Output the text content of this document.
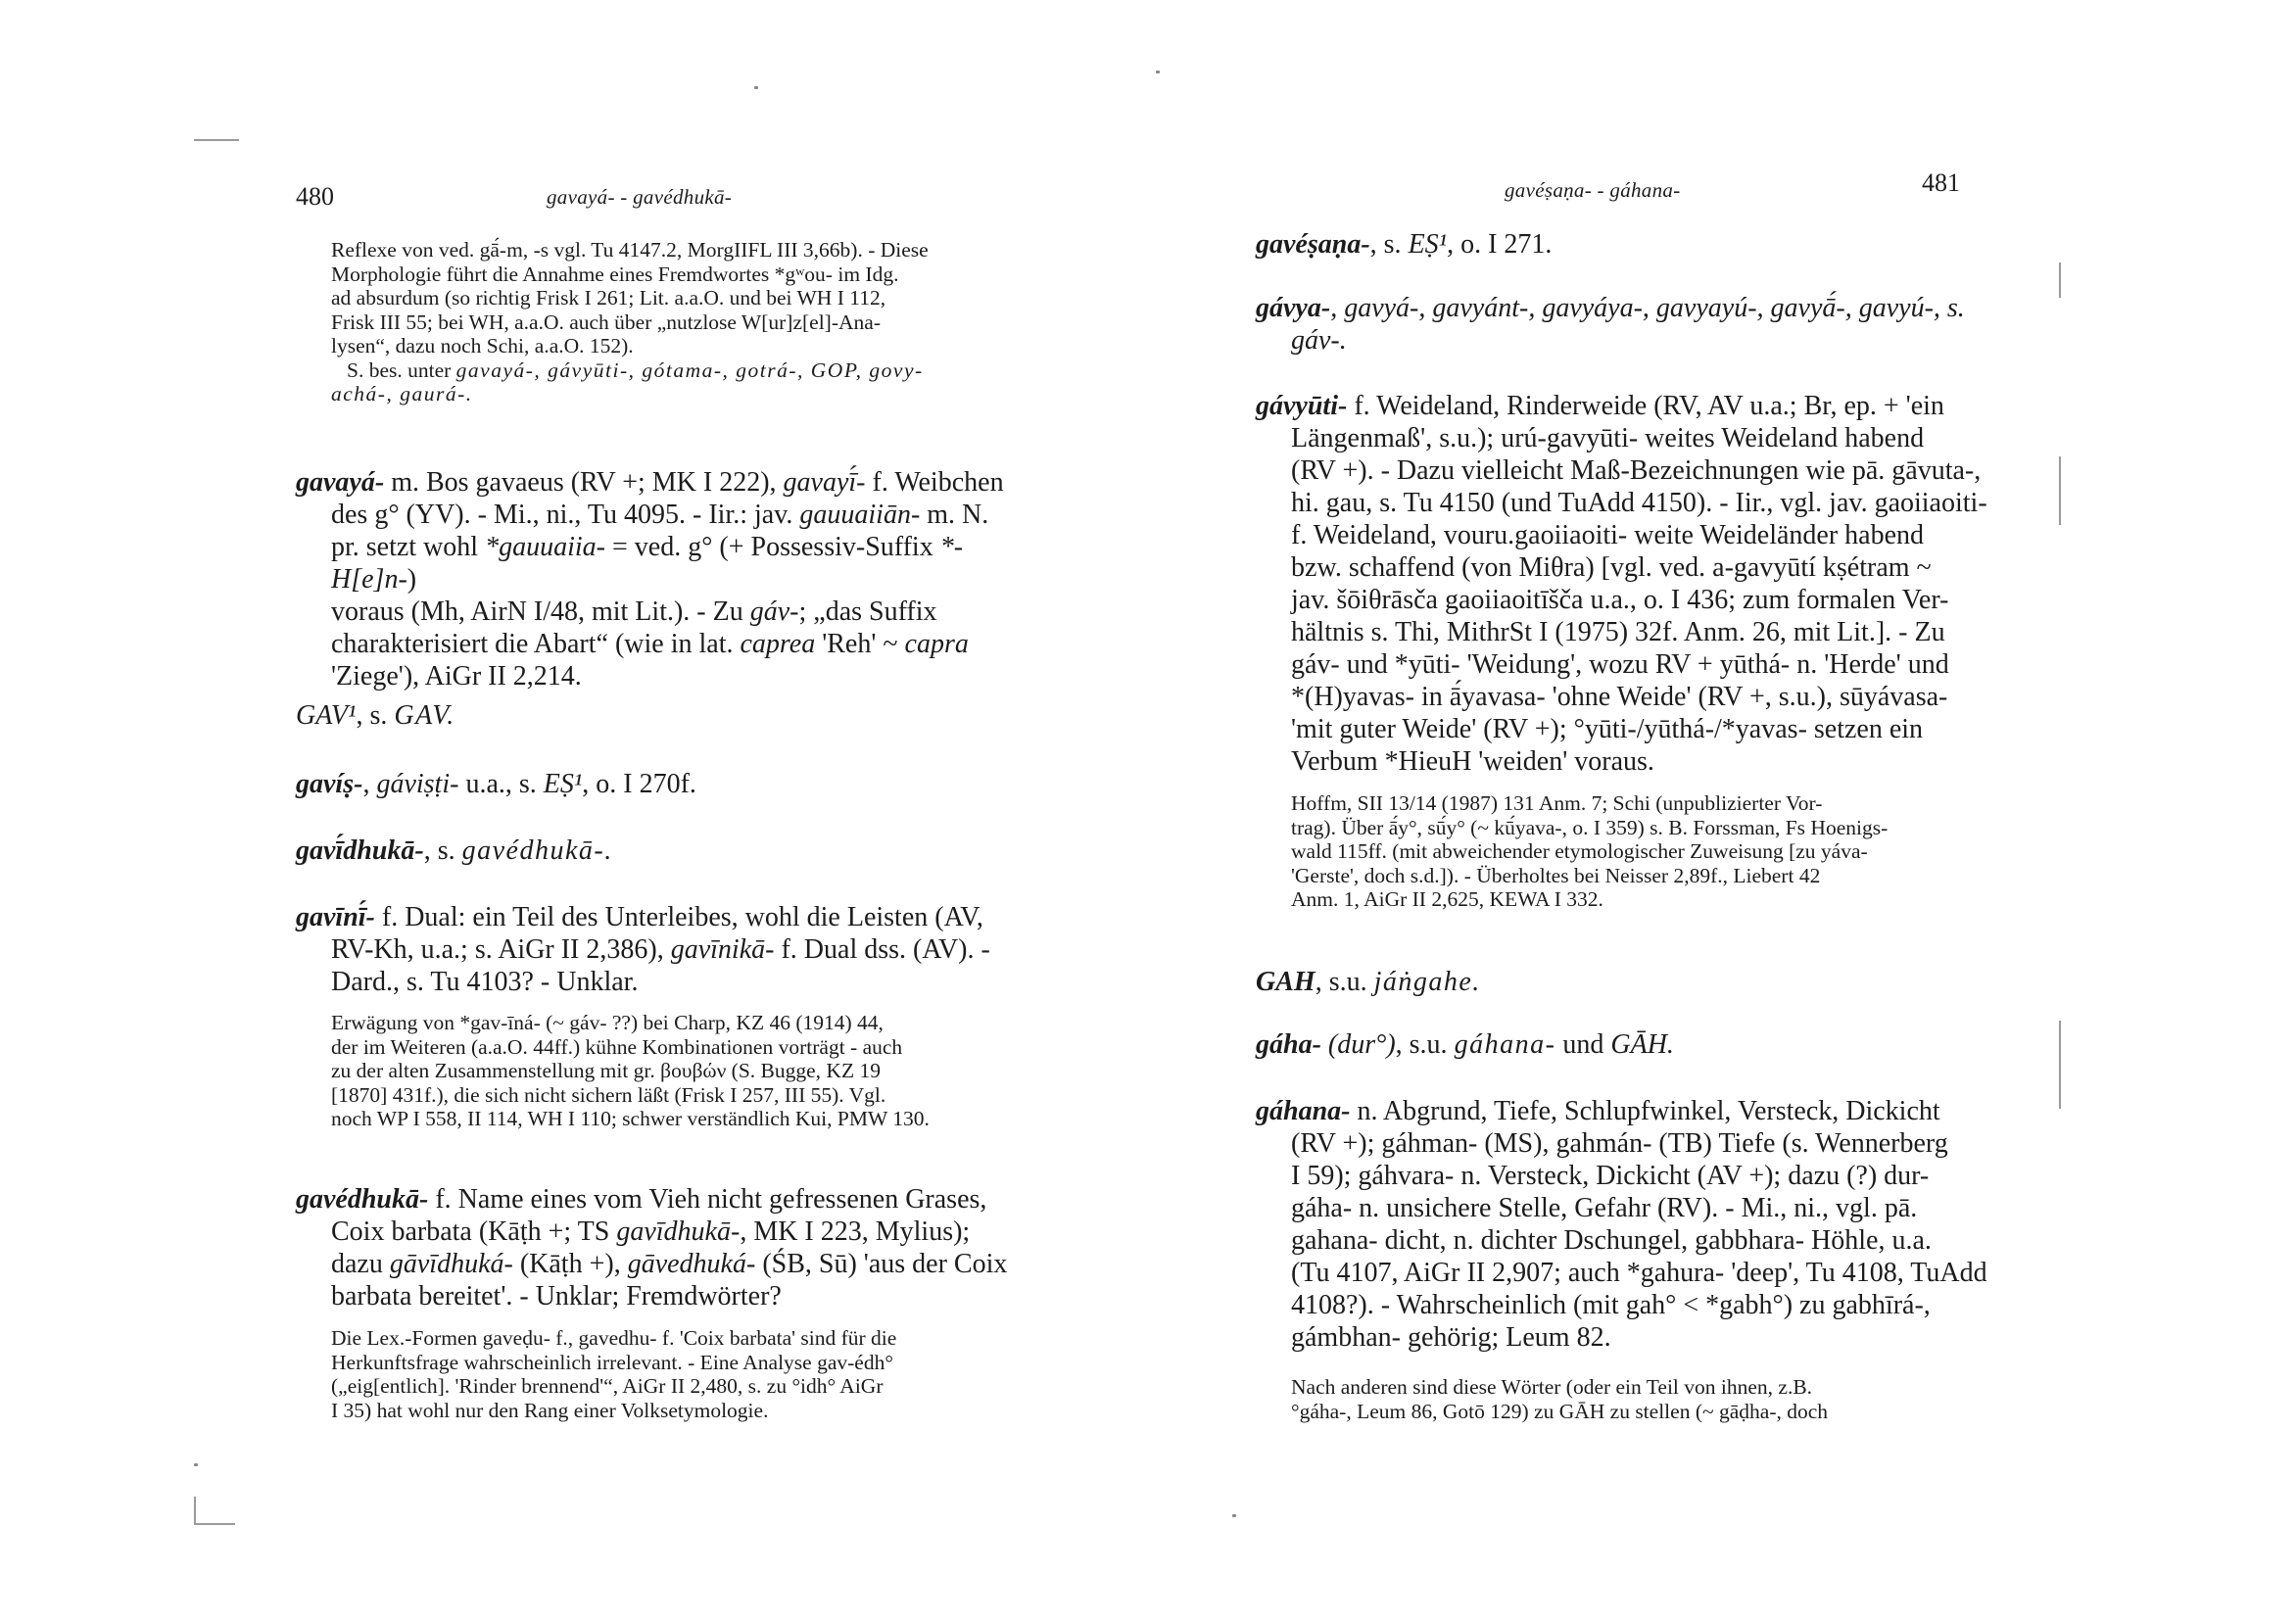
480	gavayá- - gavédhukā-

Reflexe von ved. gā́-m, -s vgl. Tu 4147.2, MorgIIFL III 3,66b). - Diese

Morphologie führt die Annahme eines Fremdwortes *gʷou- im Idg.

ad absurdum (so richtig Frisk I 261; Lit. a.a.O. und bei WH I 112,

Frisk III 55; bei WH, a.a.O. auch über „nutzlose W[ur]z[el]-Ana-

lysen“, dazu noch Schi, a.a.O. 152).

S. bes. unter gavayá-, gávyūti-, gótama-, gotrá-, GOP, govy-

achá-, gaurá-.

gavayá- m. Bos gavaeus (RV +; MK I 222), gavayī́- f. Weibchen
des g° (YV). - Mi., ni., Tu 4095. - Iir.: jav. gauuaiiān- m. N.
pr. setzt wohl *gauuaiia- = ved. g° (+ Possessiv-Suffix *-H[e]n-)
voraus (Mh, AirN I/48, mit Lit.). - Zu gáv-; „das Suffix
charakterisiert die Abart“ (wie in lat. caprea 'Reh' ~ capra
'Ziege'), AiGr II 2,214.

GAV¹, s. GAV.

gavíṣ-, gáviṣṭi- u.a., s. EṢ¹, o. I 270f.

gavī́dhukā-, s. gavédhukā-.

gavīnī́- f. Dual: ein Teil des Unterleibes, wohl die Leisten (AV,
RV-Kh, u.a.; s. AiGr II 2,386), gavīnikā- f. Dual dss. (AV). -
Dard., s. Tu 4103? - Unklar.

Erwägung von *gav-īná- (~ gáv- ??) bei Charp, KZ 46 (1914) 44,

der im Weiteren (a.a.O. 44ff.) kühne Kombinationen vorträgt - auch

zu der alten Zusammenstellung mit gr. βουβών (S. Bugge, KZ 19

[1870] 431f.), die sich nicht sichern läßt (Frisk I 257, III 55). Vgl.

noch WP I 558, II 114, WH I 110; schwer verständlich Kui, PMW 130.

gavédhukā- f. Name eines vom Vieh nicht gefressenen Grases,
Coix barbata (Kāṭh +; TS gavīdhukā-, MK I 223, Mylius);
dazu gāvīdhuká- (Kāṭh +), gāvedhuká- (ŚB, Sū) 'aus der Coix
barbata bereitet'. - Unklar; Fremdwörter?

Die Lex.-Formen gaveḍu- f., gavedhu- f. 'Coix barbata' sind für die

Herkunftsfrage wahrscheinlich irrelevant. - Eine Analyse gav-édh°

(„eig[entlich]. 'Rinder brennend'“, AiGr II 2,480, s. zu °idh° AiGr

I 35) hat wohl nur den Rang einer Volksetymologie.

gavéṣaṇa- - gáhana-	481

gavéṣaṇa-, s. EṢ¹, o. I 271.

gávya-, gavyá-, gavyánt-, gavyáya-, gavyayú-, gavyā́-, gavyú-, s.
gáv-.

gávyūti- f. Weideland, Rinderweide (RV, AV u.a.; Br, ep. + 'ein
Längenmaß', s.u.); urú-gavyūti- weites Weideland habend
(RV +). - Dazu vielleicht Maß-Bezeichnungen wie pā. gāvuta-,
hi. gau, s. Tu 4150 (und TuAdd 4150). - Iir., vgl. jav. gaoiiaoiti-
f. Weideland, vouru.gaoiiaoiti- weite Weideländer habend
bzw. schaffend (von Miθra) [vgl. ved. a-gavyūtí kṣétram ~
jav. šōiθrāsča gaoiiaoitīšča u.a., o. I 436; zum formalen Ver-
hältnis s. Thi, MithrSt I (1975) 32f. Anm. 26, mit Lit.]. - Zu
gáv- und *yūti- 'Weidung', wozu RV + yūthá- n. 'Herde' und
*(H)yavas- in ā́yavasa- 'ohne Weide' (RV +, s.u.), sūyávasa-
'mit guter Weide' (RV +); °yūti-/yūthá-/*yavas- setzen ein
Verbum *HieuH 'weiden' voraus.

Hoffm, SII 13/14 (1987) 131 Anm. 7; Schi (unpublizierter Vor-

trag). Über ā́y°, sū́y° (~ kū́yava-, o. I 359) s. B. Forssman, Fs Hoenigs-

wald 115ff. (mit abweichender etymologischer Zuweisung [zu yáva-

'Gerste', doch s.d.]). - Überholtes bei Neisser 2,89f., Liebert 42

Anm. 1, AiGr II 2,625, KEWA I 332.

GAH, s.u. jáṅgahe.

gáha- (dur°), s.u. gáhana- und GĀH.

gáhana- n. Abgrund, Tiefe, Schlupfwinkel, Versteck, Dickicht
(RV +); gáhman- (MS), gahmán- (TB) Tiefe (s. Wennerberg
I 59); gáhvara- n. Versteck, Dickicht (AV +); dazu (?) dur-
gáha- n. unsichere Stelle, Gefahr (RV). - Mi., ni., vgl. pā.
gahana- dicht, n. dichter Dschungel, gabbhara- Höhle, u.a.
(Tu 4107, AiGr II 2,907; auch *gahura- 'deep', Tu 4108, TuAdd
4108?). - Wahrscheinlich (mit gah° < *gabh°) zu gabhīrá-,
gámbhan- gehörig; Leum 82.

Nach anderen sind diese Wörter (oder ein Teil von ihnen, z.B.

°gáha-, Leum 86, Gotō 129) zu GĀH zu stellen (~ gāḍha-, doch
